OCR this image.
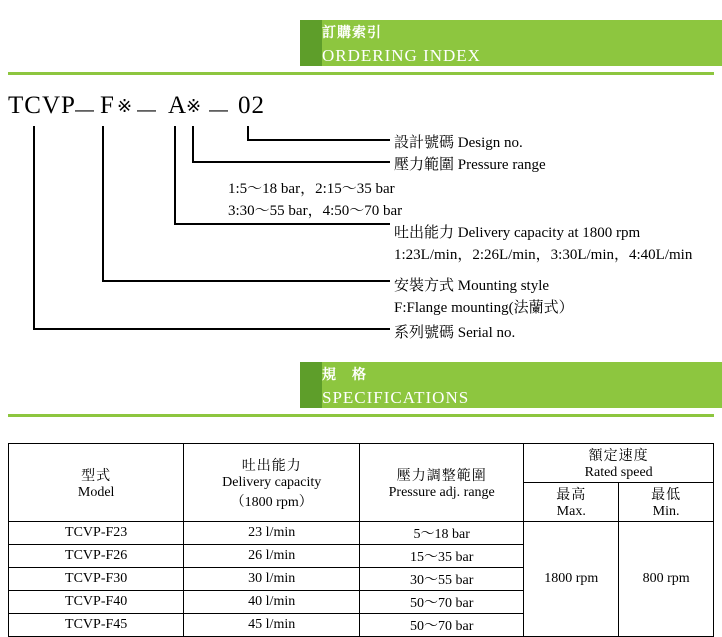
訂購索引
ORDERING INDEX
TCVP
－ F ※ － A
※ － 02
設計號碼 Design no.
壓力範圍 Pressure range
1:5～18 bar，2:15～35 bar
3:30～55 bar，4:50～70 bar
吐出能力 Delivery capacity at 1800 rpm
1:23L/min，2:26L/min，3:30L/min，4:40L/min
安裝方式 Mounting style
F:Flange mounting(法蘭式）
系列號碼 Serial no.
規　格
SPECIFICATIONS
型式
Model

吐出能力
Delivery capacity
（1800 rpm）

壓力調整範圍
Pressure adj. range

額定速度
Rated speed

最高
Max.

最低
Min.

TCVP-F23	23 l/min	5～18 bar	1800 rpm	800 rpm
TCVP-F26	26 l/min	15～35 bar		
TCVP-F30	30 l/min	30～55 bar		
TCVP-F40	40 l/min	50～70 bar		
TCVP-F45	45 l/min	50～70 bar		
